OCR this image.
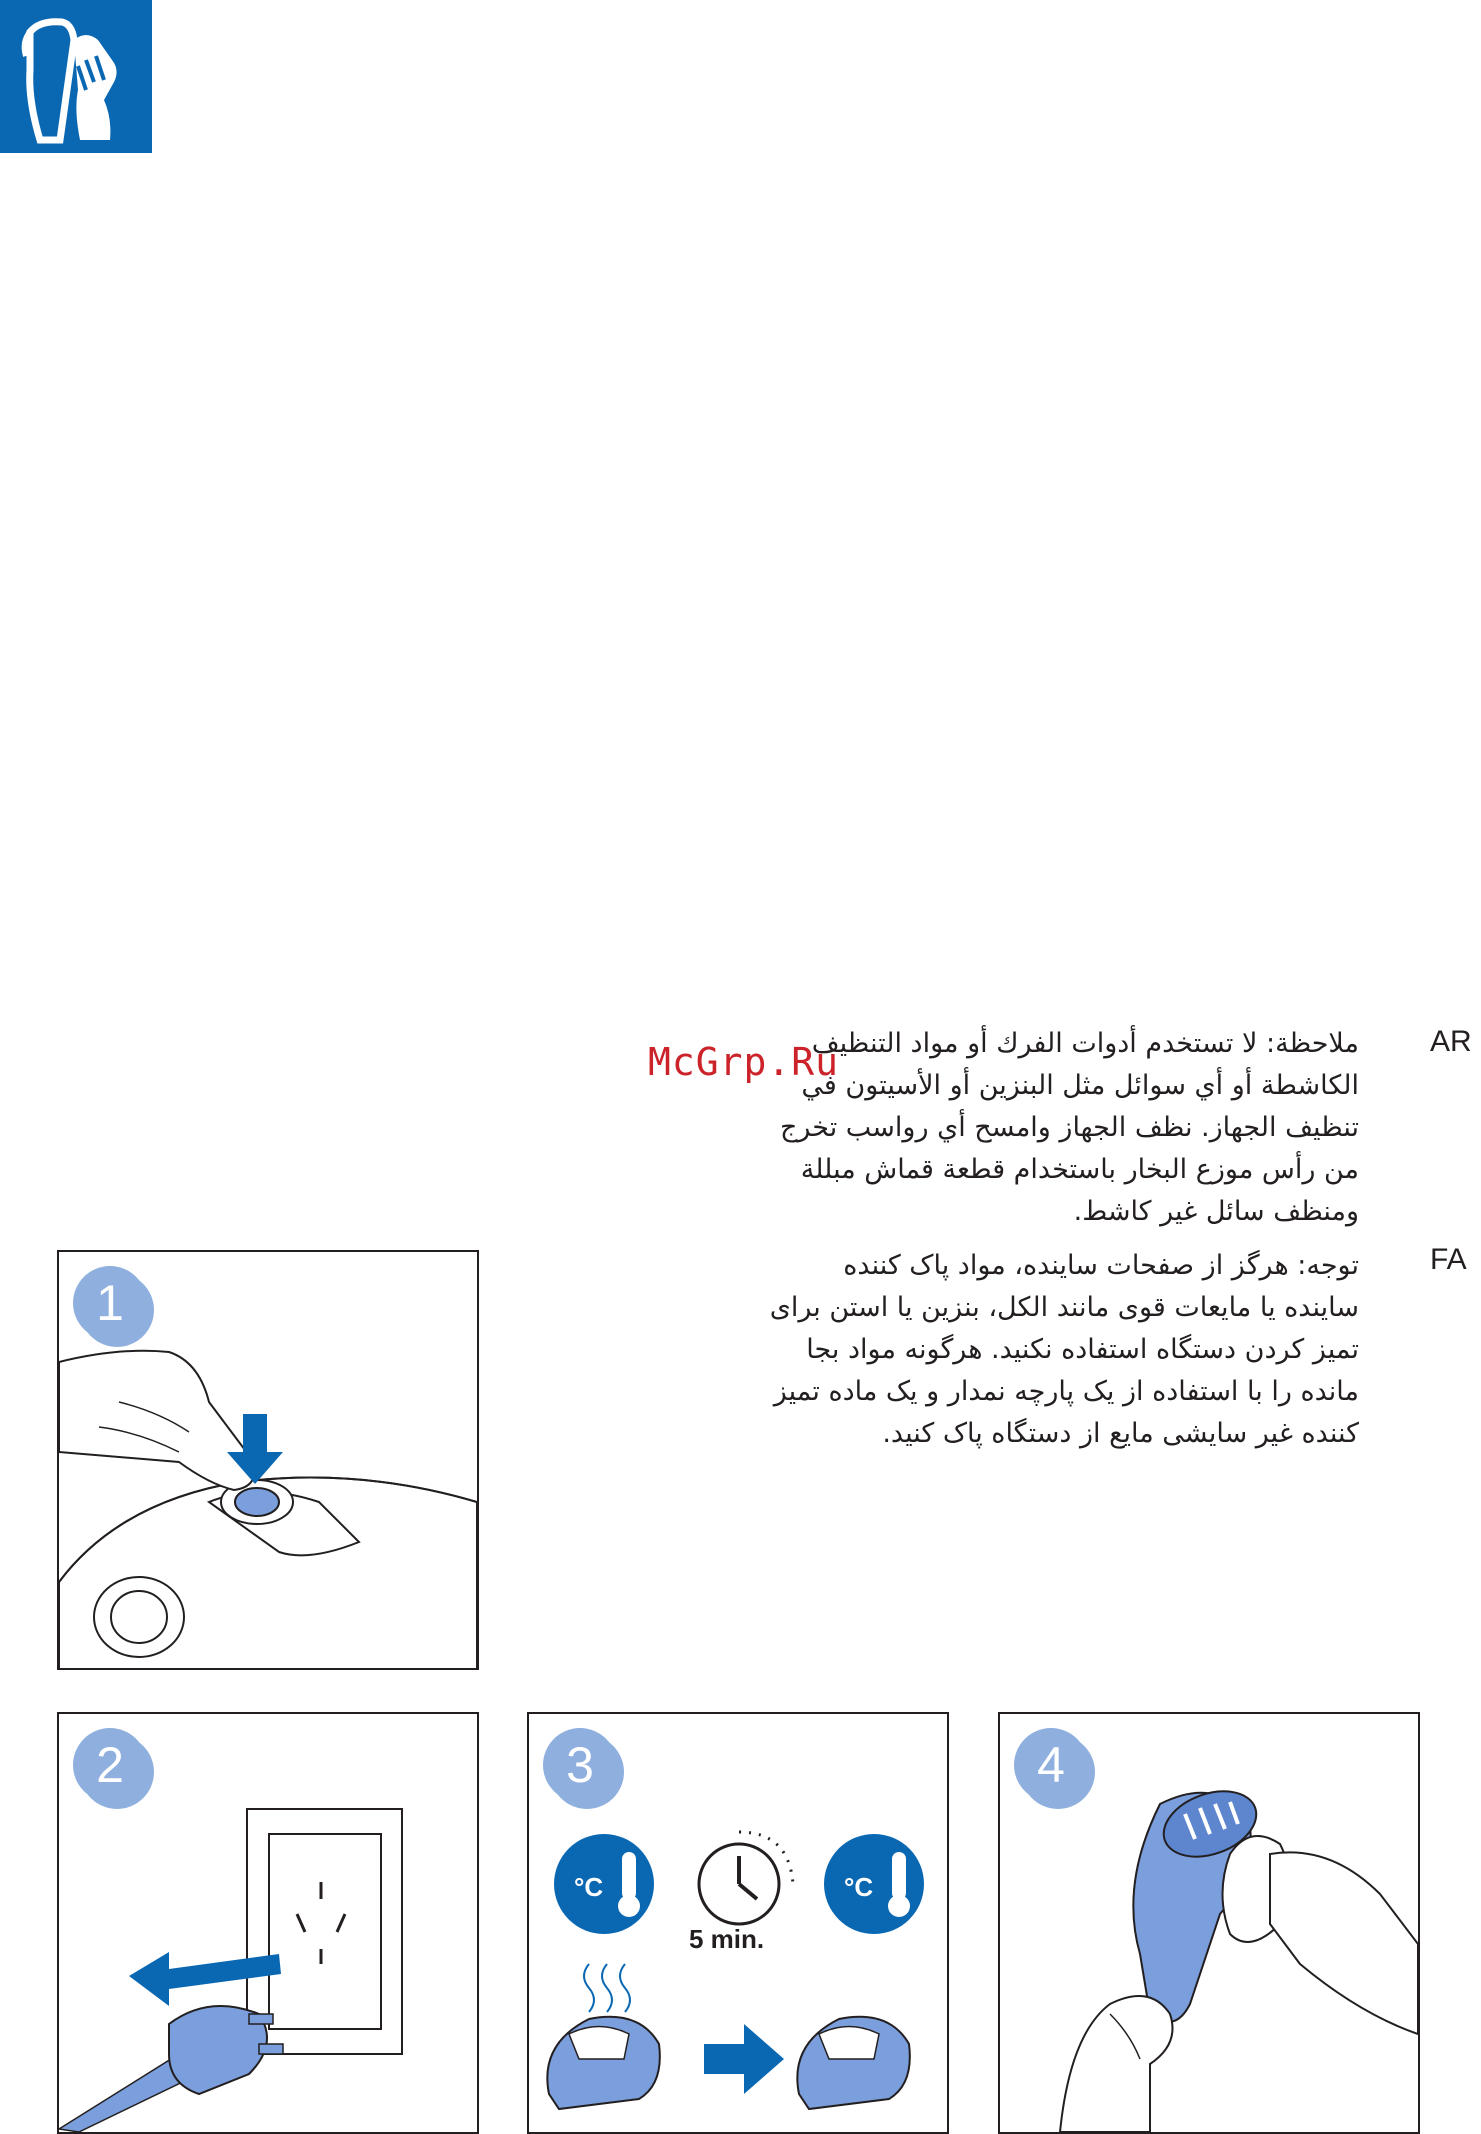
McGrp.Ru	AR
ملاحظة: لا تستخدم أدوات الفرك أو مواد التنظيف
الكاشطة أو أي سوائل مثل البنزين أو الأسيتون في
تنظيف الجهاز. نظف الجهاز وامسح أي رواسب تخرج
من رأس موزع البخار باستخدام قطعة قماش مبللة
ومنظف سائل غير كاشط.
FA
توجه: هرگز از صفحات ساینده، مواد پاک کننده
ساینده یا مایعات قوی مانند الکل، بنزین یا استن برای
تمیز کردن دستگاه استفاده نکنید. هرگونه مواد بجا
مانده را با استفاده از یک پارچه نمدار و یک ماده تمیز
کننده غیر سایشی مایع از دستگاه پاک کنید.
1
2
°C	°C
3
5 min.
4
